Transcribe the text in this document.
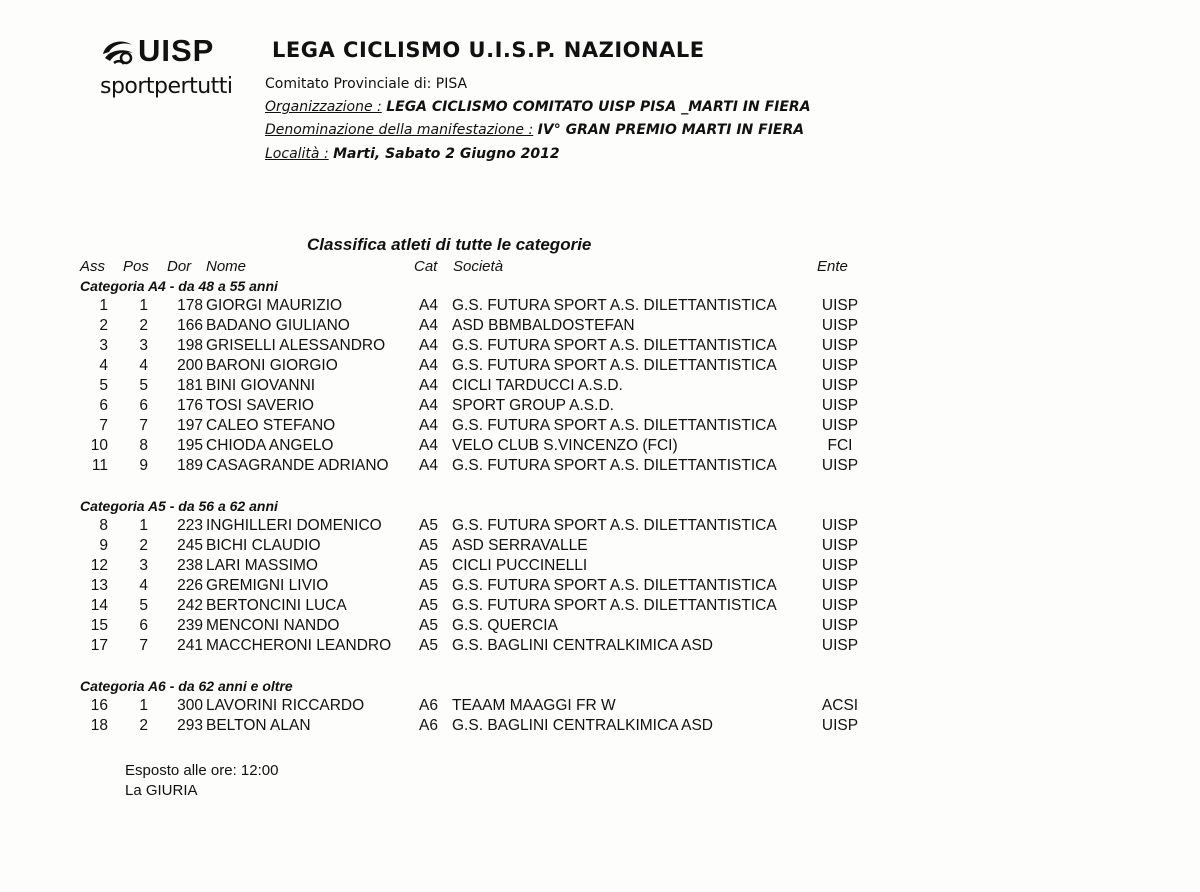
UISP
sportpertutti
LEGA CICLISMO U.I.S.P. NAZIONALE
Comitato Provinciale di: PISA
Organizzazione : LEGA CICLISMO COMITATO UISP PISA _MARTI IN FIERA
Denominazione della manifestazione : IV° GRAN PREMIO MARTI IN FIERA
Località : Marti, Sabato 2 Giugno 2012
Classifica atleti di tutte le categorie
Ass Pos Dor Nome	Cat Società	Ente
Categoria A4 - da 48 a 55 anni
1	1	178 GIORGI MAURIZIO	A4 G.S. FUTURA SPORT A.S. DILETTANTISTICA	UISP
2	2	166 BADANO GIULIANO	A4 ASD BBMBALDOSTEFAN	UISP
3	3	198 GRISELLI ALESSANDRO A4 G.S. FUTURA SPORT A.S. DILETTANTISTICA	UISP
4	4	200 BARONI GIORGIO	A4 G.S. FUTURA SPORT A.S. DILETTANTISTICA	UISP
5	5	181 BINI GIOVANNI	A4 CICLI TARDUCCI A.S.D.	UISP
6	6	176 TOSI SAVERIO	A4 SPORT GROUP A.S.D.	UISP
7	7	197 CALEO STEFANO	A4 G.S. FUTURA SPORT A.S. DILETTANTISTICA	UISP
10	8	195 CHIODA ANGELO	A4 VELO CLUB S.VINCENZO (FCI)	FCI
11	9	189 CASAGRANDE ADRIANO A4 G.S. FUTURA SPORT A.S. DILETTANTISTICA	UISP
Categoria A5 - da 56 a 62 anni
8	1	223 INGHILLERI DOMENICO A5 G.S. FUTURA SPORT A.S. DILETTANTISTICA	UISP
9	2	245 BICHI CLAUDIO	A5 ASD SERRAVALLE	UISP
12	3	238 LARI MASSIMO	A5 CICLI PUCCINELLI	UISP
13	4	226 GREMIGNI LIVIO	A5 G.S. FUTURA SPORT A.S. DILETTANTISTICA	UISP
14	5	242 BERTONCINI LUCA	A5 G.S. FUTURA SPORT A.S. DILETTANTISTICA	UISP
15	6	239 MENCONI NANDO	A5 G.S. QUERCIA	UISP
17	7	241 MACCHERONI LEANDRO A5 G.S. BAGLINI CENTRALKIMICA ASD	UISP
Categoria A6 - da 62 anni e oltre
16	1	300 LAVORINI RICCARDO	A6 TEAAM MAAGGI FR W	ACSI
18	2	293 BELTON ALAN	A6 G.S. BAGLINI CENTRALKIMICA ASD	UISP
Esposto alle ore: 12:00
La GIURIA
